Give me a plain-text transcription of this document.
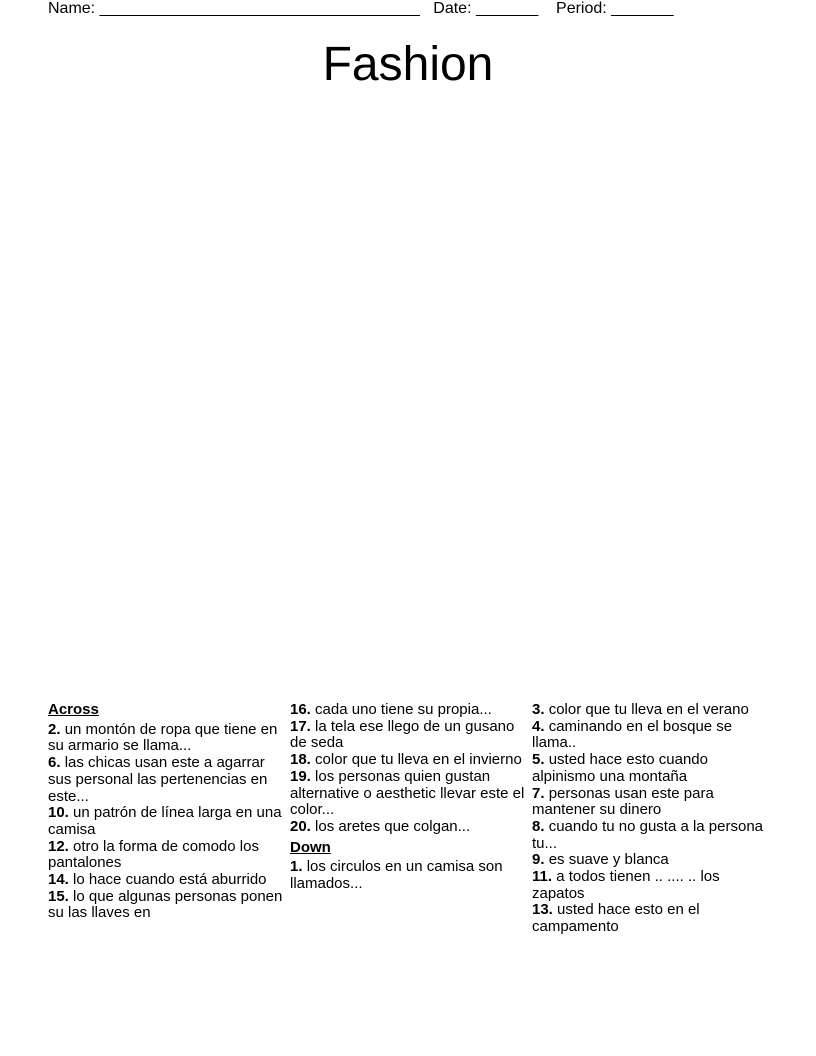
Name: ____________________________________ Date: _______ Period: _______
Fashion
Across
2. un montón de ropa que tiene en su armario se llama...
6. las chicas usan este a agarrar sus personal las pertenencias en este...
10. un patrón de línea larga en una camisa
12. otro la forma de comodo los pantalones
14. lo hace cuando está aburrido
15. lo que algunas personas ponen su las llaves en
16. cada uno tiene su propia...
17. la tela ese llego de un gusano de seda
18. color que tu lleva en el invierno
19. los personas quien gustan alternative o aesthetic llevar este el color...
20. los aretes que colgan...
Down
1. los circulos en un camisa son llamados...
3. color que tu lleva en el verano
4. caminando en el bosque se llama..
5. usted hace esto cuando alpinismo una montaña
7. personas usan este para mantener su dinero
8. cuando tu no gusta a la persona tu...
9. es suave y blanca
11. a todos tienen .. .... .. los zapatos
13. usted hace esto en el campamento
